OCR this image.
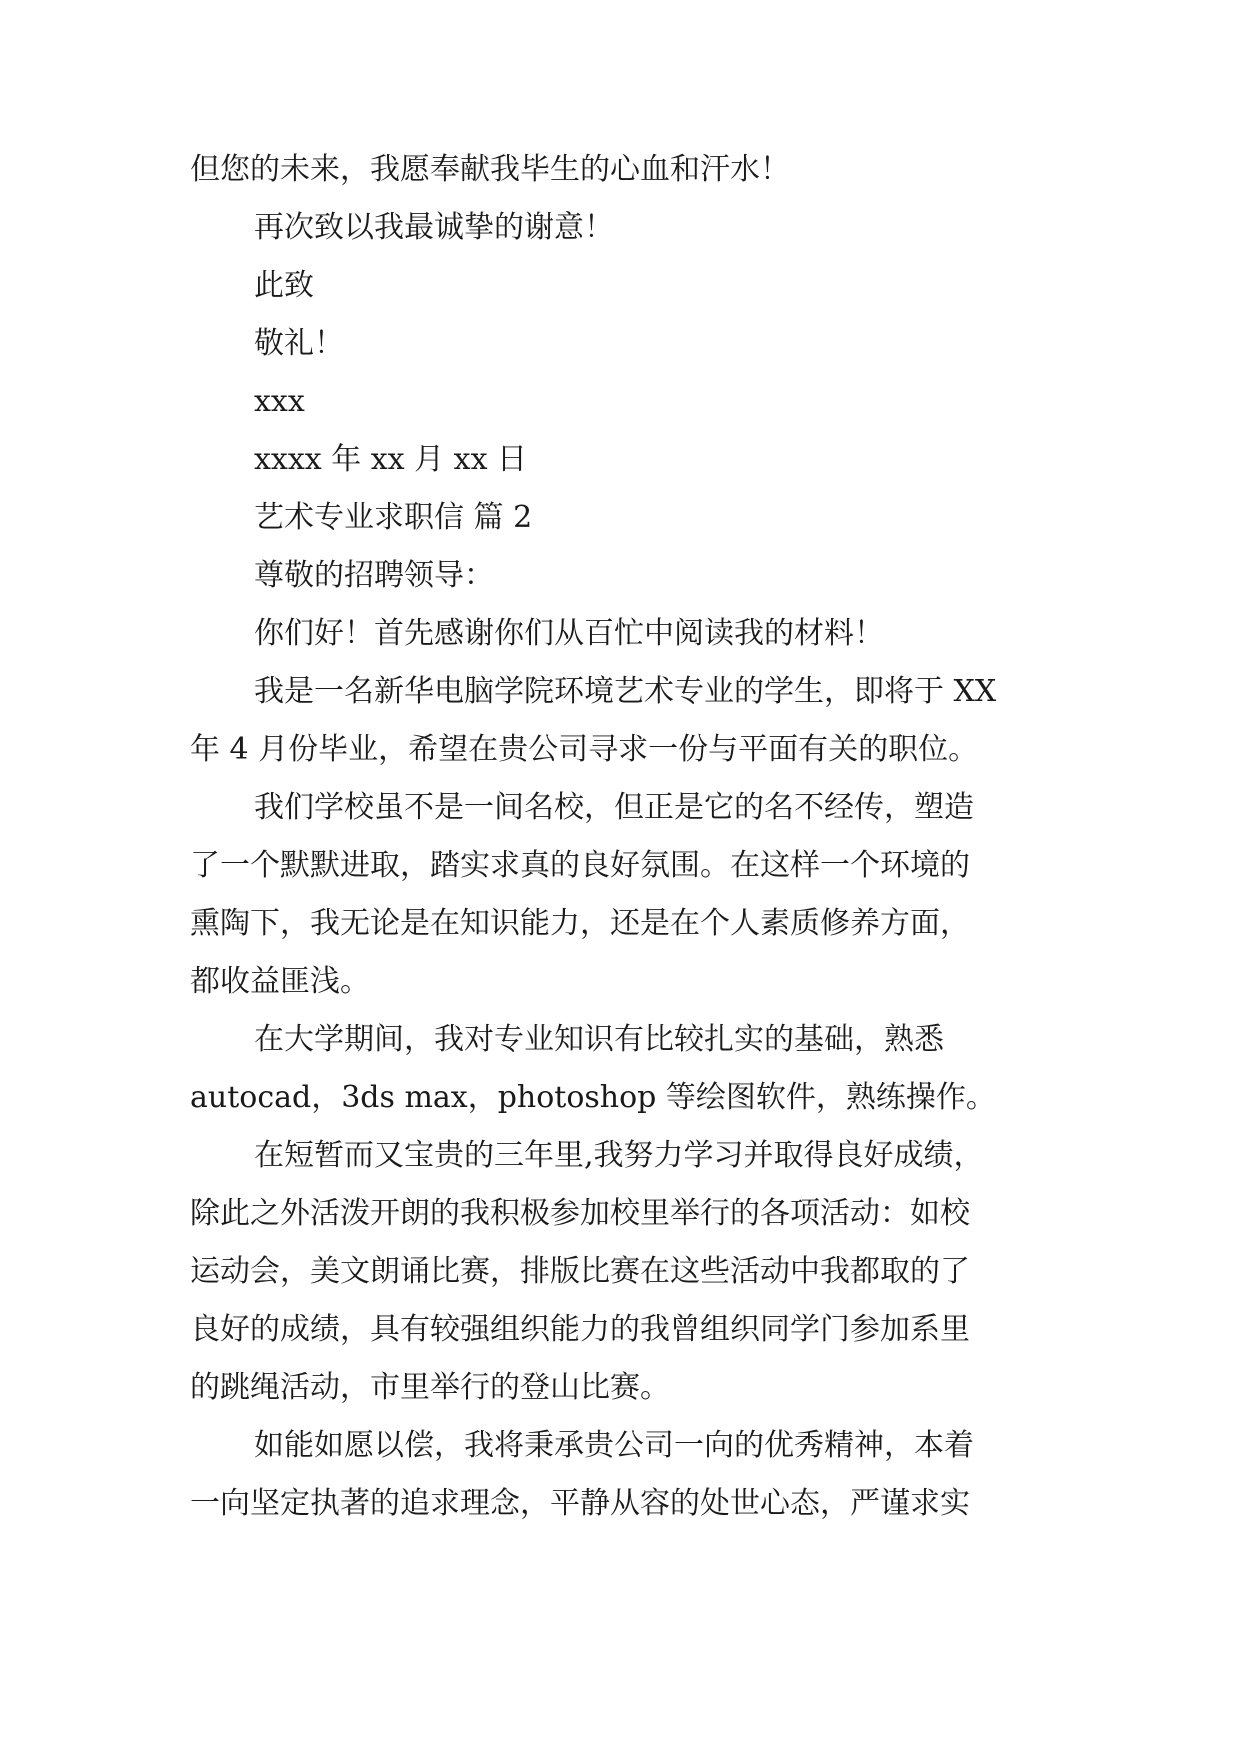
但您的未来，我愿奉献我毕生的心血和汗水！
再次致以我最诚挚的谢意！
此致
敬礼！
xxx
xxxx 年 xx 月 xx 日
艺术专业求职信 篇 2
尊敬的招聘领导：
你们好！首先感谢你们从百忙中阅读我的材料！
我是一名新华电脑学院环境艺术专业的学生，即将于 XX
年 4 月份毕业，希望在贵公司寻求一份与平面有关的职位。
我们学校虽不是一间名校，但正是它的名不经传，塑造
了一个默默进取，踏实求真的良好氛围。在这样一个环境的
熏陶下，我无论是在知识能力，还是在个人素质修养方面，
都收益匪浅。
在大学期间，我对专业知识有比较扎实的基础，熟悉
autocad，3ds max，photoshop 等绘图软件，熟练操作。
在短暂而又宝贵的三年里,我努力学习并取得良好成绩，
除此之外活泼开朗的我积极参加校里举行的各项活动：如校
运动会，美文朗诵比赛，排版比赛在这些活动中我都取的了
良好的成绩，具有较强组织能力的我曾组织同学门参加系里
的跳绳活动，市里举行的登山比赛。
如能如愿以偿，我将秉承贵公司一向的优秀精神，本着
一向坚定执著的追求理念，平静从容的处世心态，严谨求实
